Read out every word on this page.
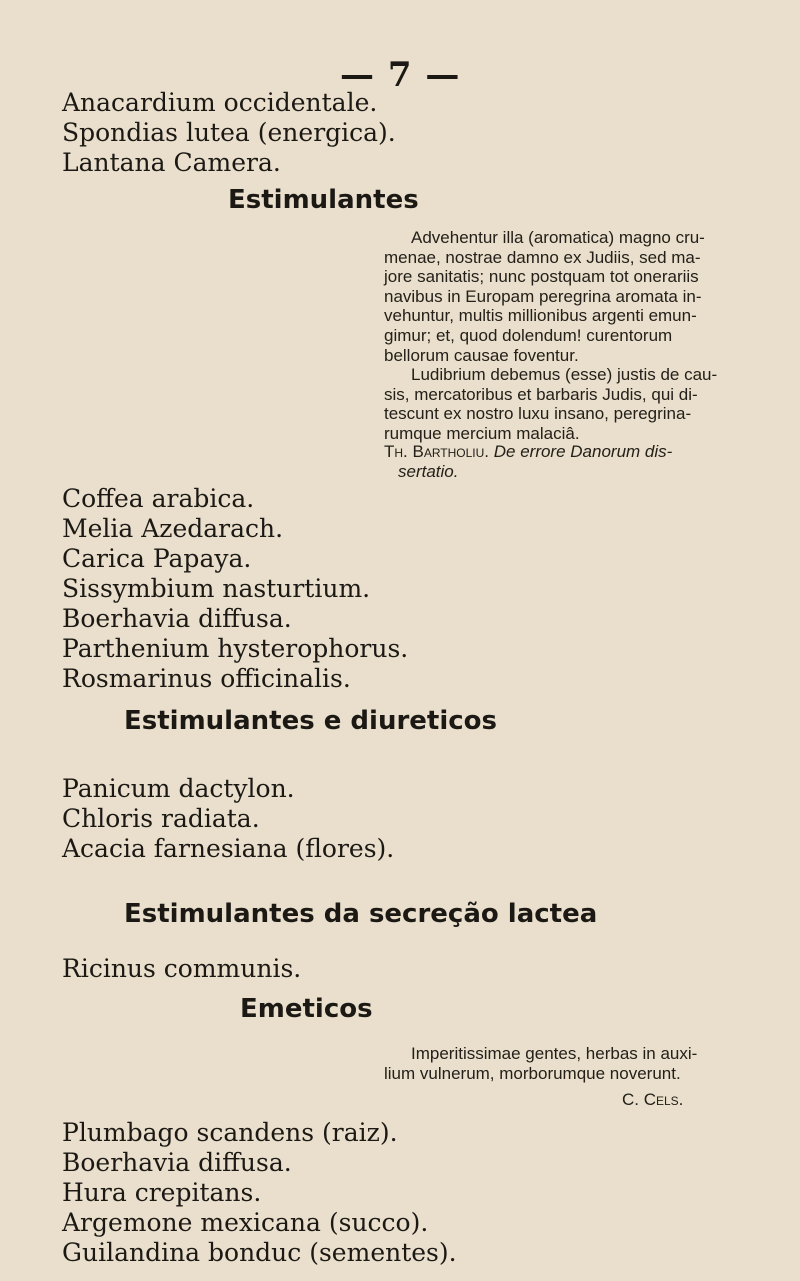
— 7 —
Anacardium occidentale.
Spondias lutea (energica).
Lantana Camera.
Estimulantes

Advehentur illa (aromatica) magno cru-

menae, nostrae damno ex Judiis, sed ma-

jore sanitatis; nunc postquam tot onerariis

navibus in Europam peregrina aromata in-

vehuntur, multis millionibus argenti emun-

gimur; et, quod dolendum! curentorum

bellorum causae foventur.

Ludibrium debemus (esse) justis de cau-

sis, mercatoribus et barbaris Judis, qui di-

tescunt ex nostro luxu insano, peregrina-

rumque mercium malaciâ.

Th. Bartholiu. De errore Danorum dis-
sertatio.
Coffea arabica.
Melia Azedarach.
Carica Papaya.
Sissymbium nasturtium.
Boerhavia diffusa.
Parthenium hysterophorus.
Rosmarinus officinalis.
Estimulantes e diureticos
Panicum dactylon.
Chloris radiata.
Acacia farnesiana (flores).
Estimulantes da secreção lactea
Ricinus communis.
Emeticos

Imperitissimae gentes, herbas in auxi-

lium vulnerum, morborumque noverunt.

C. Cels.
Plumbago scandens (raiz).
Boerhavia diffusa.
Hura crepitans.
Argemone mexicana (succo).
Guilandina bonduc (sementes).
